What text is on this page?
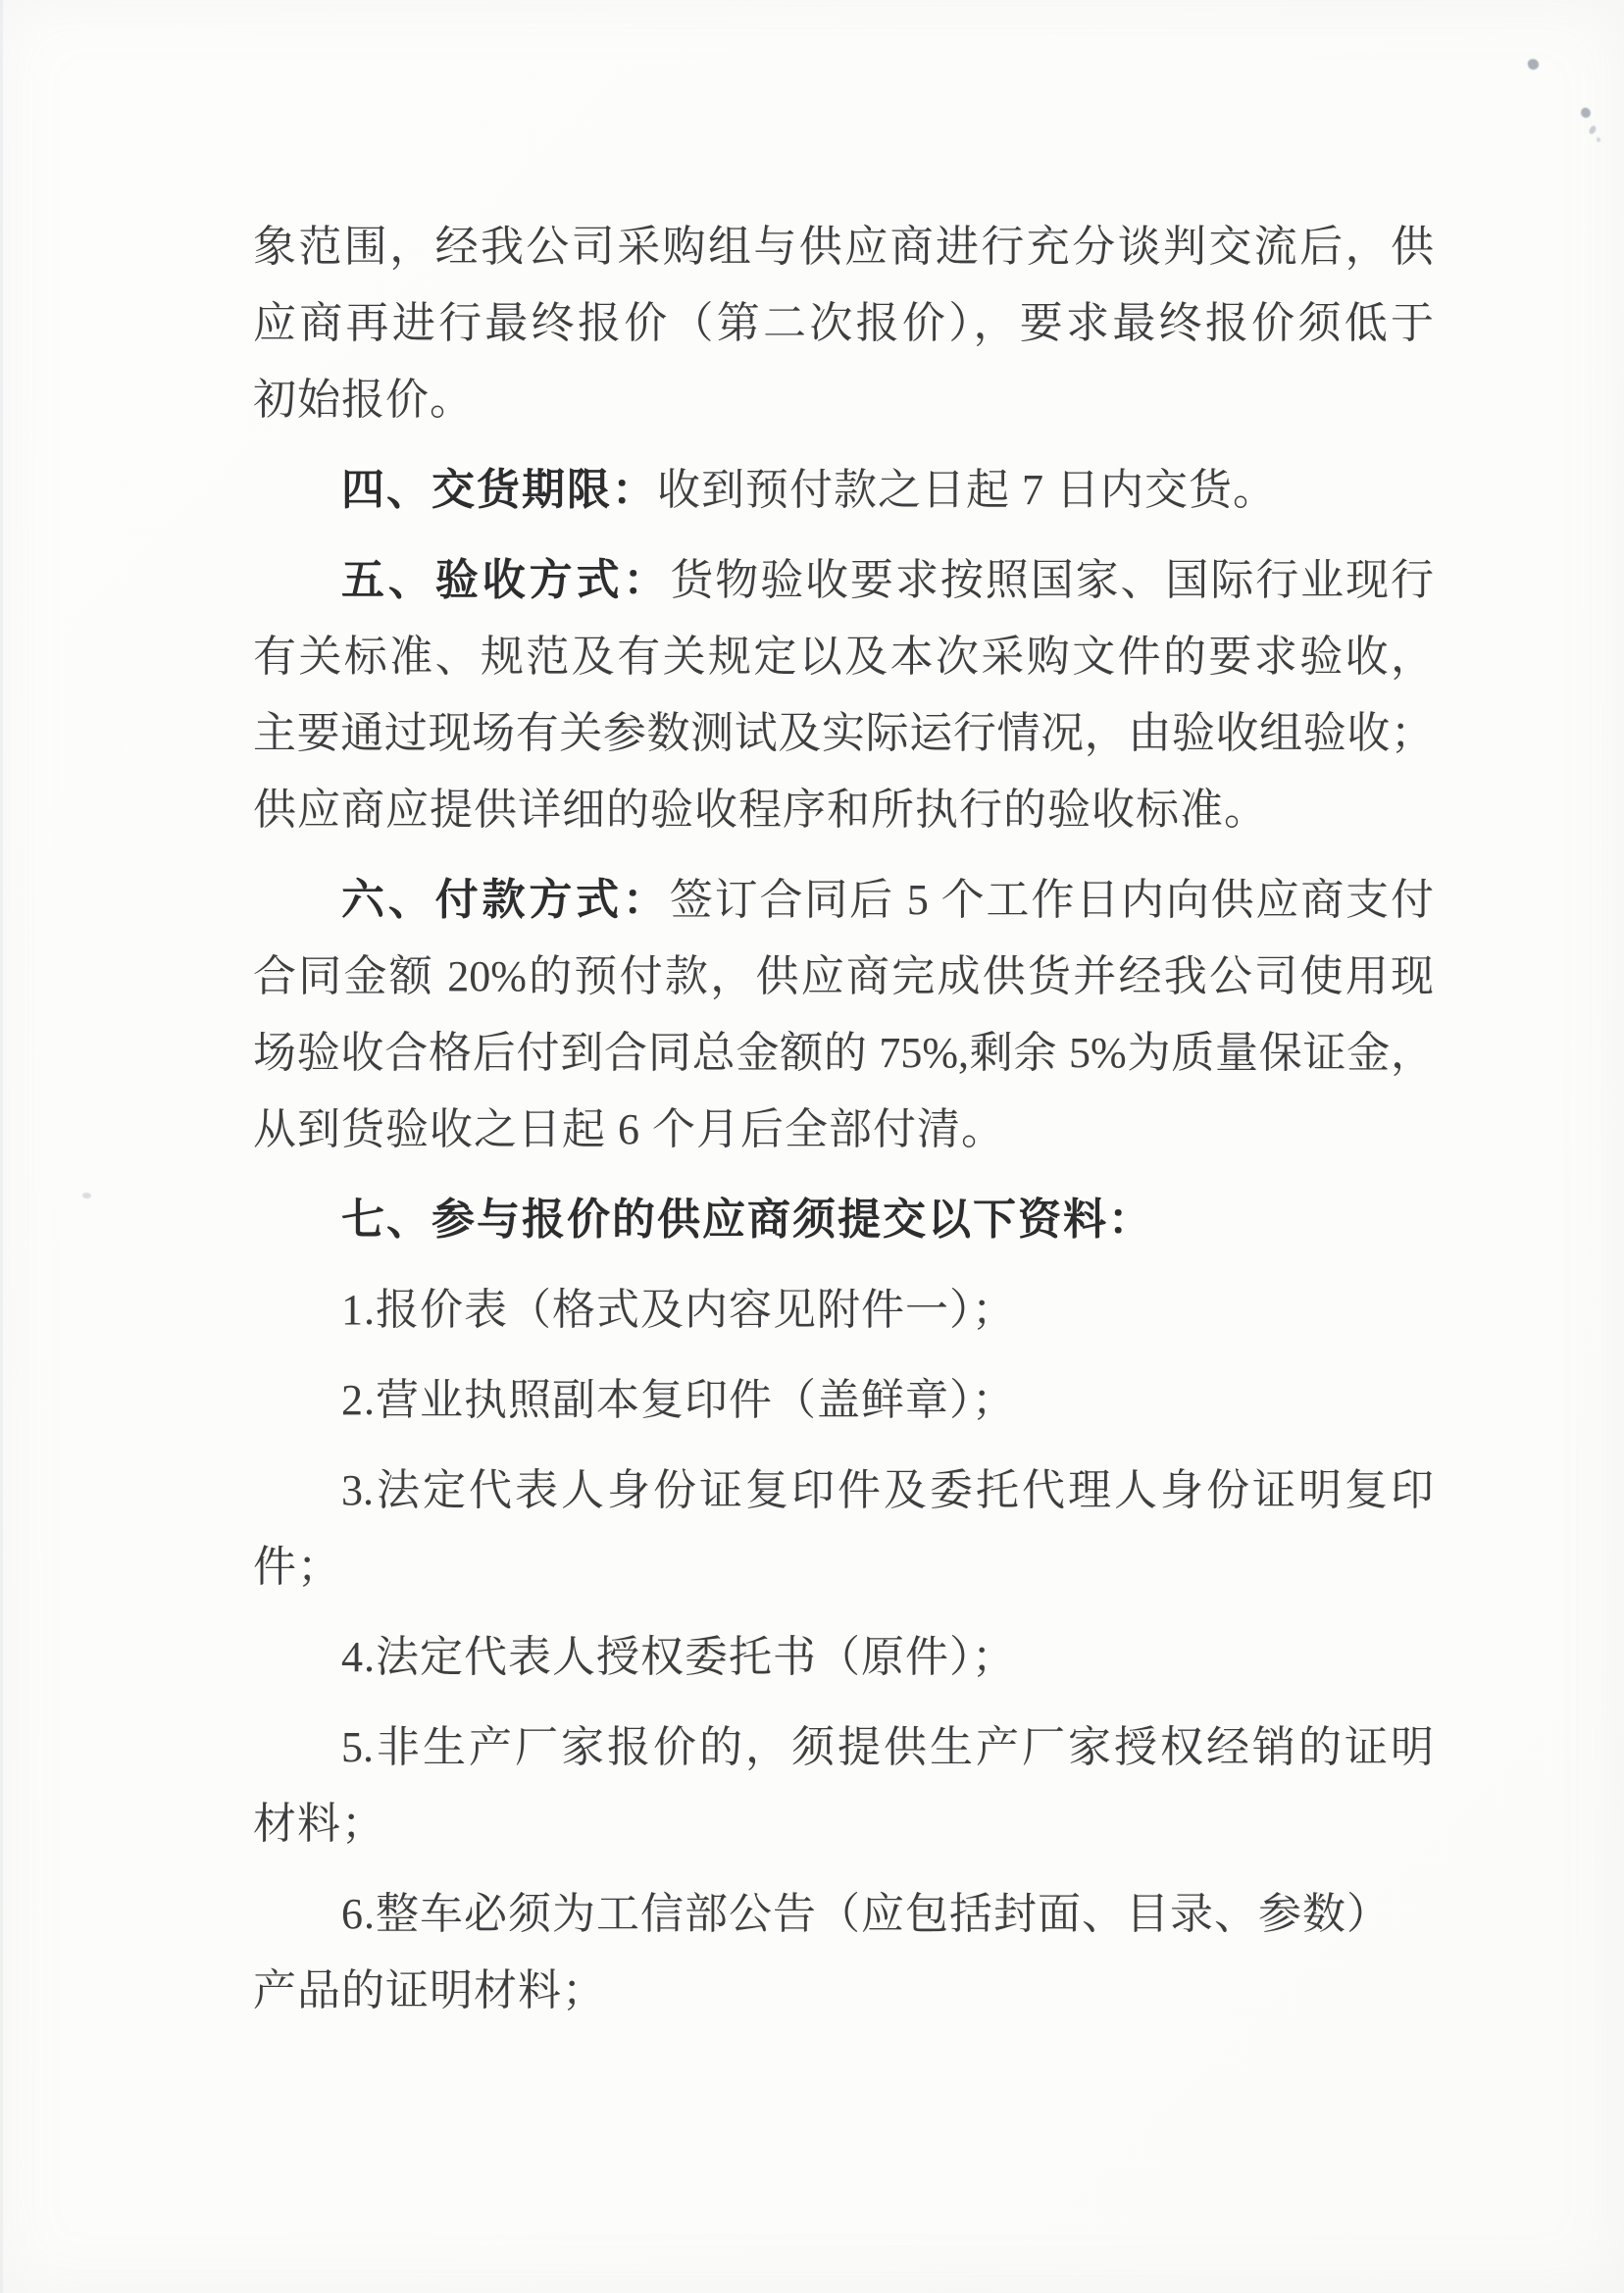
象范围，经我公司采购组与供应商进行充分谈判交流后，供
应商再进行最终报价（第二次报价），要求最终报价须低于
初始报价。
四、交货期限：收到预付款之日起 7 日内交货。
五、验收方式：货物验收要求按照国家、国际行业现行
有关标准、规范及有关规定以及本次采购文件的要求验收，
主要通过现场有关参数测试及实际运行情况，由验收组验收；
供应商应提供详细的验收程序和所执行的验收标准。
六、付款方式：签订合同后 5 个工作日内向供应商支付
合同金额 20%的预付款，供应商完成供货并经我公司使用现
场验收合格后付到合同总金额的 75%,剩余 5%为质量保证金，
从到货验收之日起 6 个月后全部付清。
七、参与报价的供应商须提交以下资料：
1.报价表（格式及内容见附件一）；
2.营业执照副本复印件（盖鲜章）；
3.法定代表人身份证复印件及委托代理人身份证明复印
件；
4.法定代表人授权委托书（原件）；
5.非生产厂家报价的，须提供生产厂家授权经销的证明
材料；
6.整车必须为工信部公告（应包括封面、目录、参数）
产品的证明材料；
